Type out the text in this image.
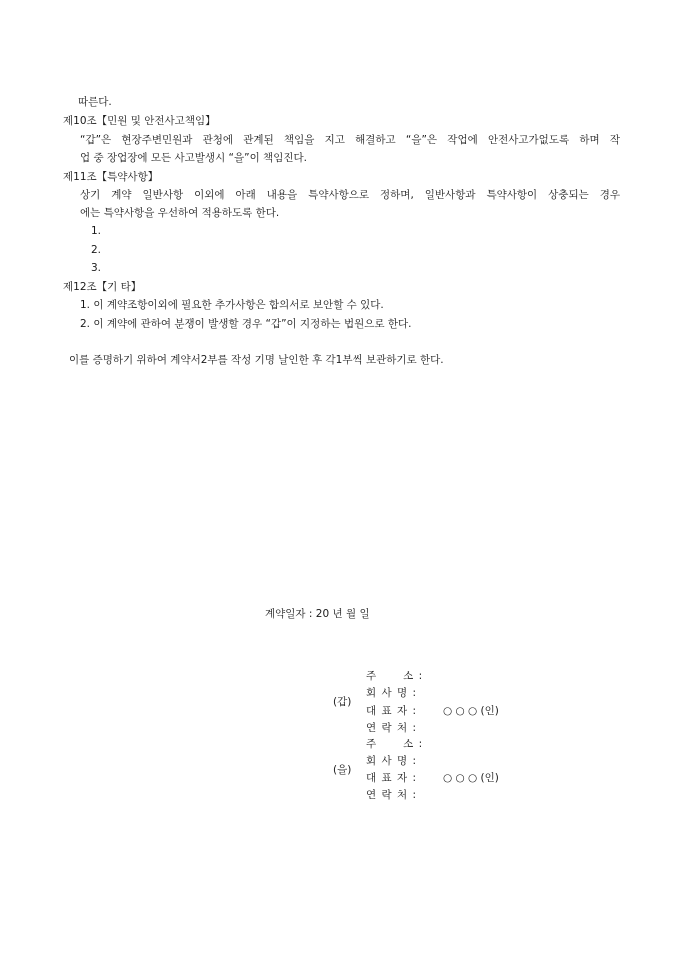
따른다.
제10조【민원 및 안전사고책임】
“갑”은 현장주변민원과 관청에 관계된 책임을 지고 해결하고 “을”은 작업에 안전사고가없도록 하며 작
업 중 장업장에 모든 사고발생시 “을”이 책임진다.
제11조【특약사항】
상기 계약 일반사항 이외에 아래 내용을 특약사항으로 정하며, 일반사항과 특약사항이 상충되는 경우
에는 특약사항을 우선하여 적용하도록 한다.
1.
2.
3.
제12조【기 타】
1. 이 계약조항이외에 필요한 추가사항은 합의서로 보안할 수 있다.
2. 이 계약에 관하여 분쟁이 발생할 경우 “갑”이 지정하는 법원으로 한다.
이를 증명하기 위하여 계약서2부를 작성 기명 날인한 후 각1부씩 보관하기로 한다.
계약일자 : 20 년 월 일
(갑)
주      소 :
회 사 명 :
대 표 자 :
연 락 처 :
○ ○ ○ (인)
(을)
주      소 :
회 사 명 :
대 표 자 :
연 락 처 :
○ ○ ○ (인)
